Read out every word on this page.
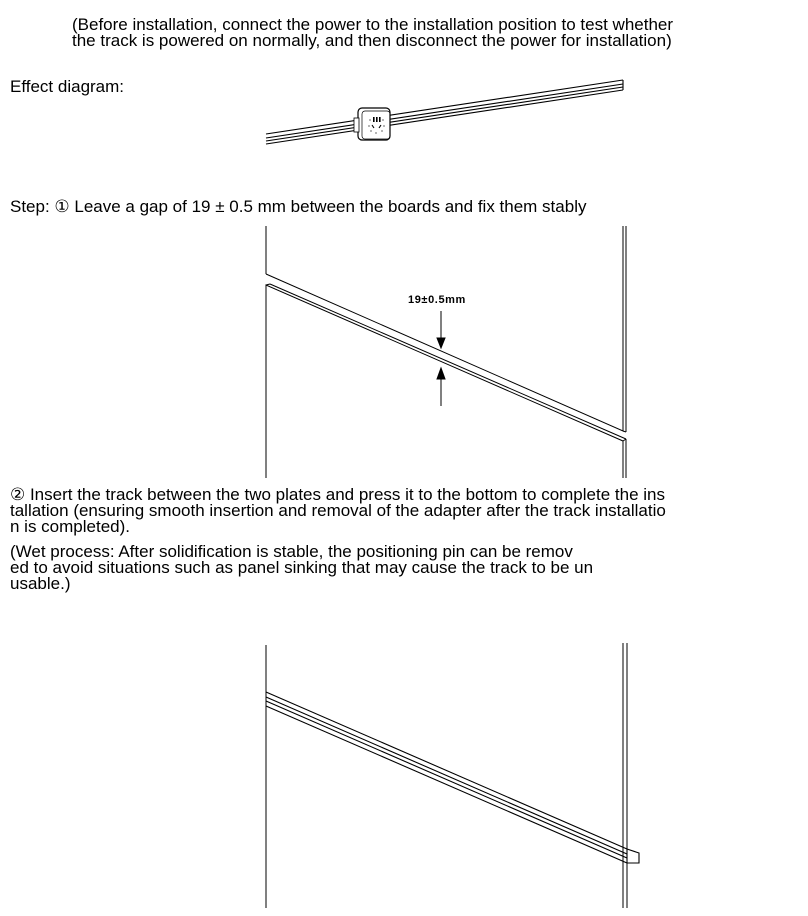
(Before installation, connect the power to the installation position to test whether
the track is powered on normally, and then disconnect the power for installation)

Effect diagram:

Step: ① Leave a gap of 19 ± 0.5 mm between the boards and fix them stably

② Insert the track between the two plates and press it to the bottom to complete the ins
tallation (ensuring smooth insertion and removal of the adapter after the track installatio
n is completed).
(Wet process: After solidification is stable, the positioning pin can be remov
ed to avoid situations such as panel sinking that may cause the track to be un
usable.)
19±0.5mm
